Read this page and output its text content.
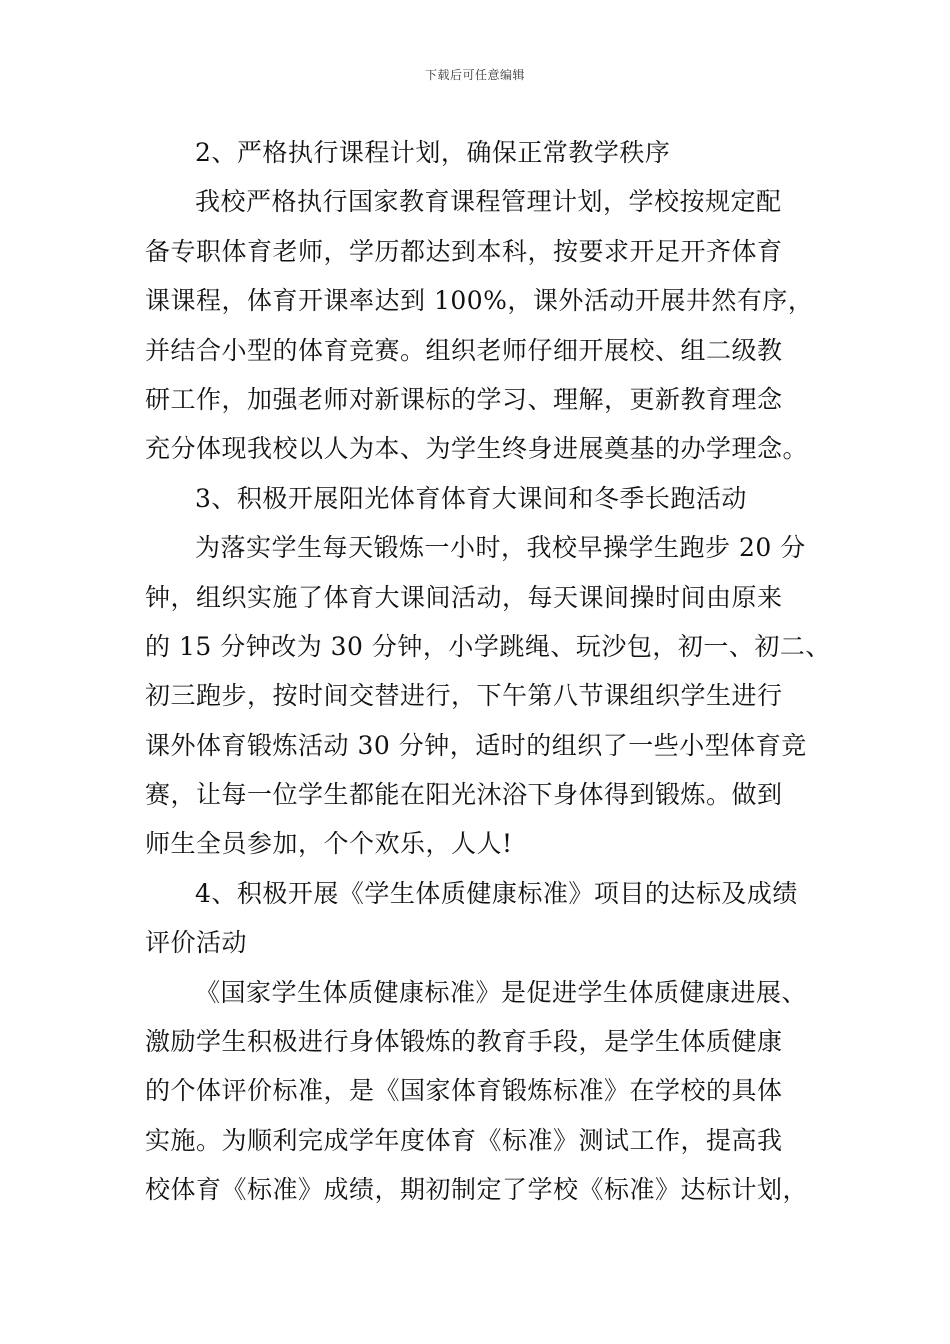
下载后可任意编辑
2、严格执行课程计划，确保正常教学秩序
我校严格执行国家教育课程管理计划，学校按规定配
备专职体育老师，学历都达到本科，按要求开足开齐体育
课课程，体育开课率达到 100%，课外活动开展井然有序，
并结合小型的体育竞赛。组织老师仔细开展校、组二级教
研工作，加强老师对新课标的学习、理解，更新教育理念
充分体现我校以人为本、为学生终身进展奠基的办学理念。
3、积极开展阳光体育体育大课间和冬季长跑活动
为落实学生每天锻炼一小时，我校早操学生跑步 20 分
钟，组织实施了体育大课间活动，每天课间操时间由原来
的 15 分钟改为 30 分钟，小学跳绳、玩沙包，初一、初二、
初三跑步，按时间交替进行，下午第八节课组织学生进行
课外体育锻炼活动 30 分钟，适时的组织了一些小型体育竞
赛，让每一位学生都能在阳光沐浴下身体得到锻炼。做到
师生全员参加，个个欢乐，人人!
4、积极开展《学生体质健康标准》项目的达标及成绩
评价活动
《国家学生体质健康标准》是促进学生体质健康进展、
激励学生积极进行身体锻炼的教育手段，是学生体质健康
的个体评价标准，是《国家体育锻炼标准》在学校的具体
实施。为顺利完成学年度体育《标准》测试工作，提高我
校体育《标准》成绩，期初制定了学校《标准》达标计划，
